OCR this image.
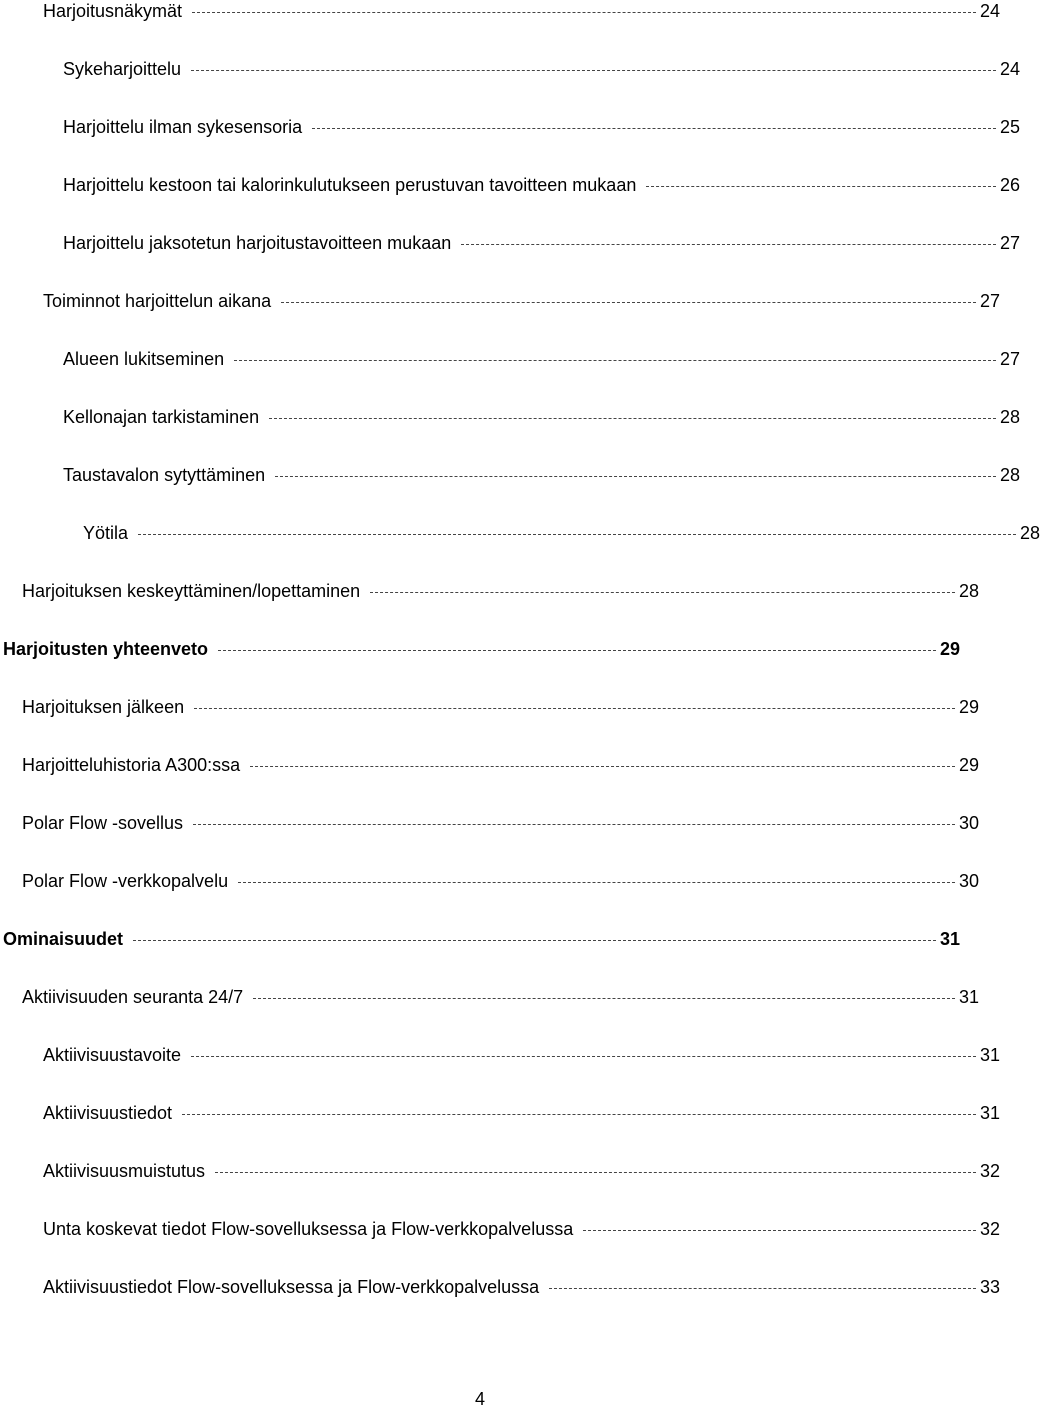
Harjoitusnäkymät	24
Sykeharjoittelu	24
Harjoittelu ilman sykesensoria	25
Harjoittelu kestoon tai kalorinkulutukseen perustuvan tavoitteen mukaan	26
Harjoittelu jaksotetun harjoitustavoitteen mukaan	27
Toiminnot harjoittelun aikana	27
Alueen lukitseminen	27
Kellonajan tarkistaminen	28
Taustavalon sytyttäminen	28
Yötila	28
Harjoituksen keskeyttäminen/lopettaminen	28
Harjoitusten yhteenveto	29
Harjoituksen jälkeen	29
Harjoitteluhistoria A300:ssa	29
Polar Flow -sovellus	30
Polar Flow -verkkopalvelu	30
Ominaisuudet	31
Aktiivisuuden seuranta 24/7	31
Aktiivisuustavoite	31
Aktiivisuustiedot	31
Aktiivisuusmuistutus	32
Unta koskevat tiedot Flow-sovelluksessa ja Flow-verkkopalvelussa	32
Aktiivisuustiedot Flow-sovelluksessa ja Flow-verkkopalvelussa	33
4
